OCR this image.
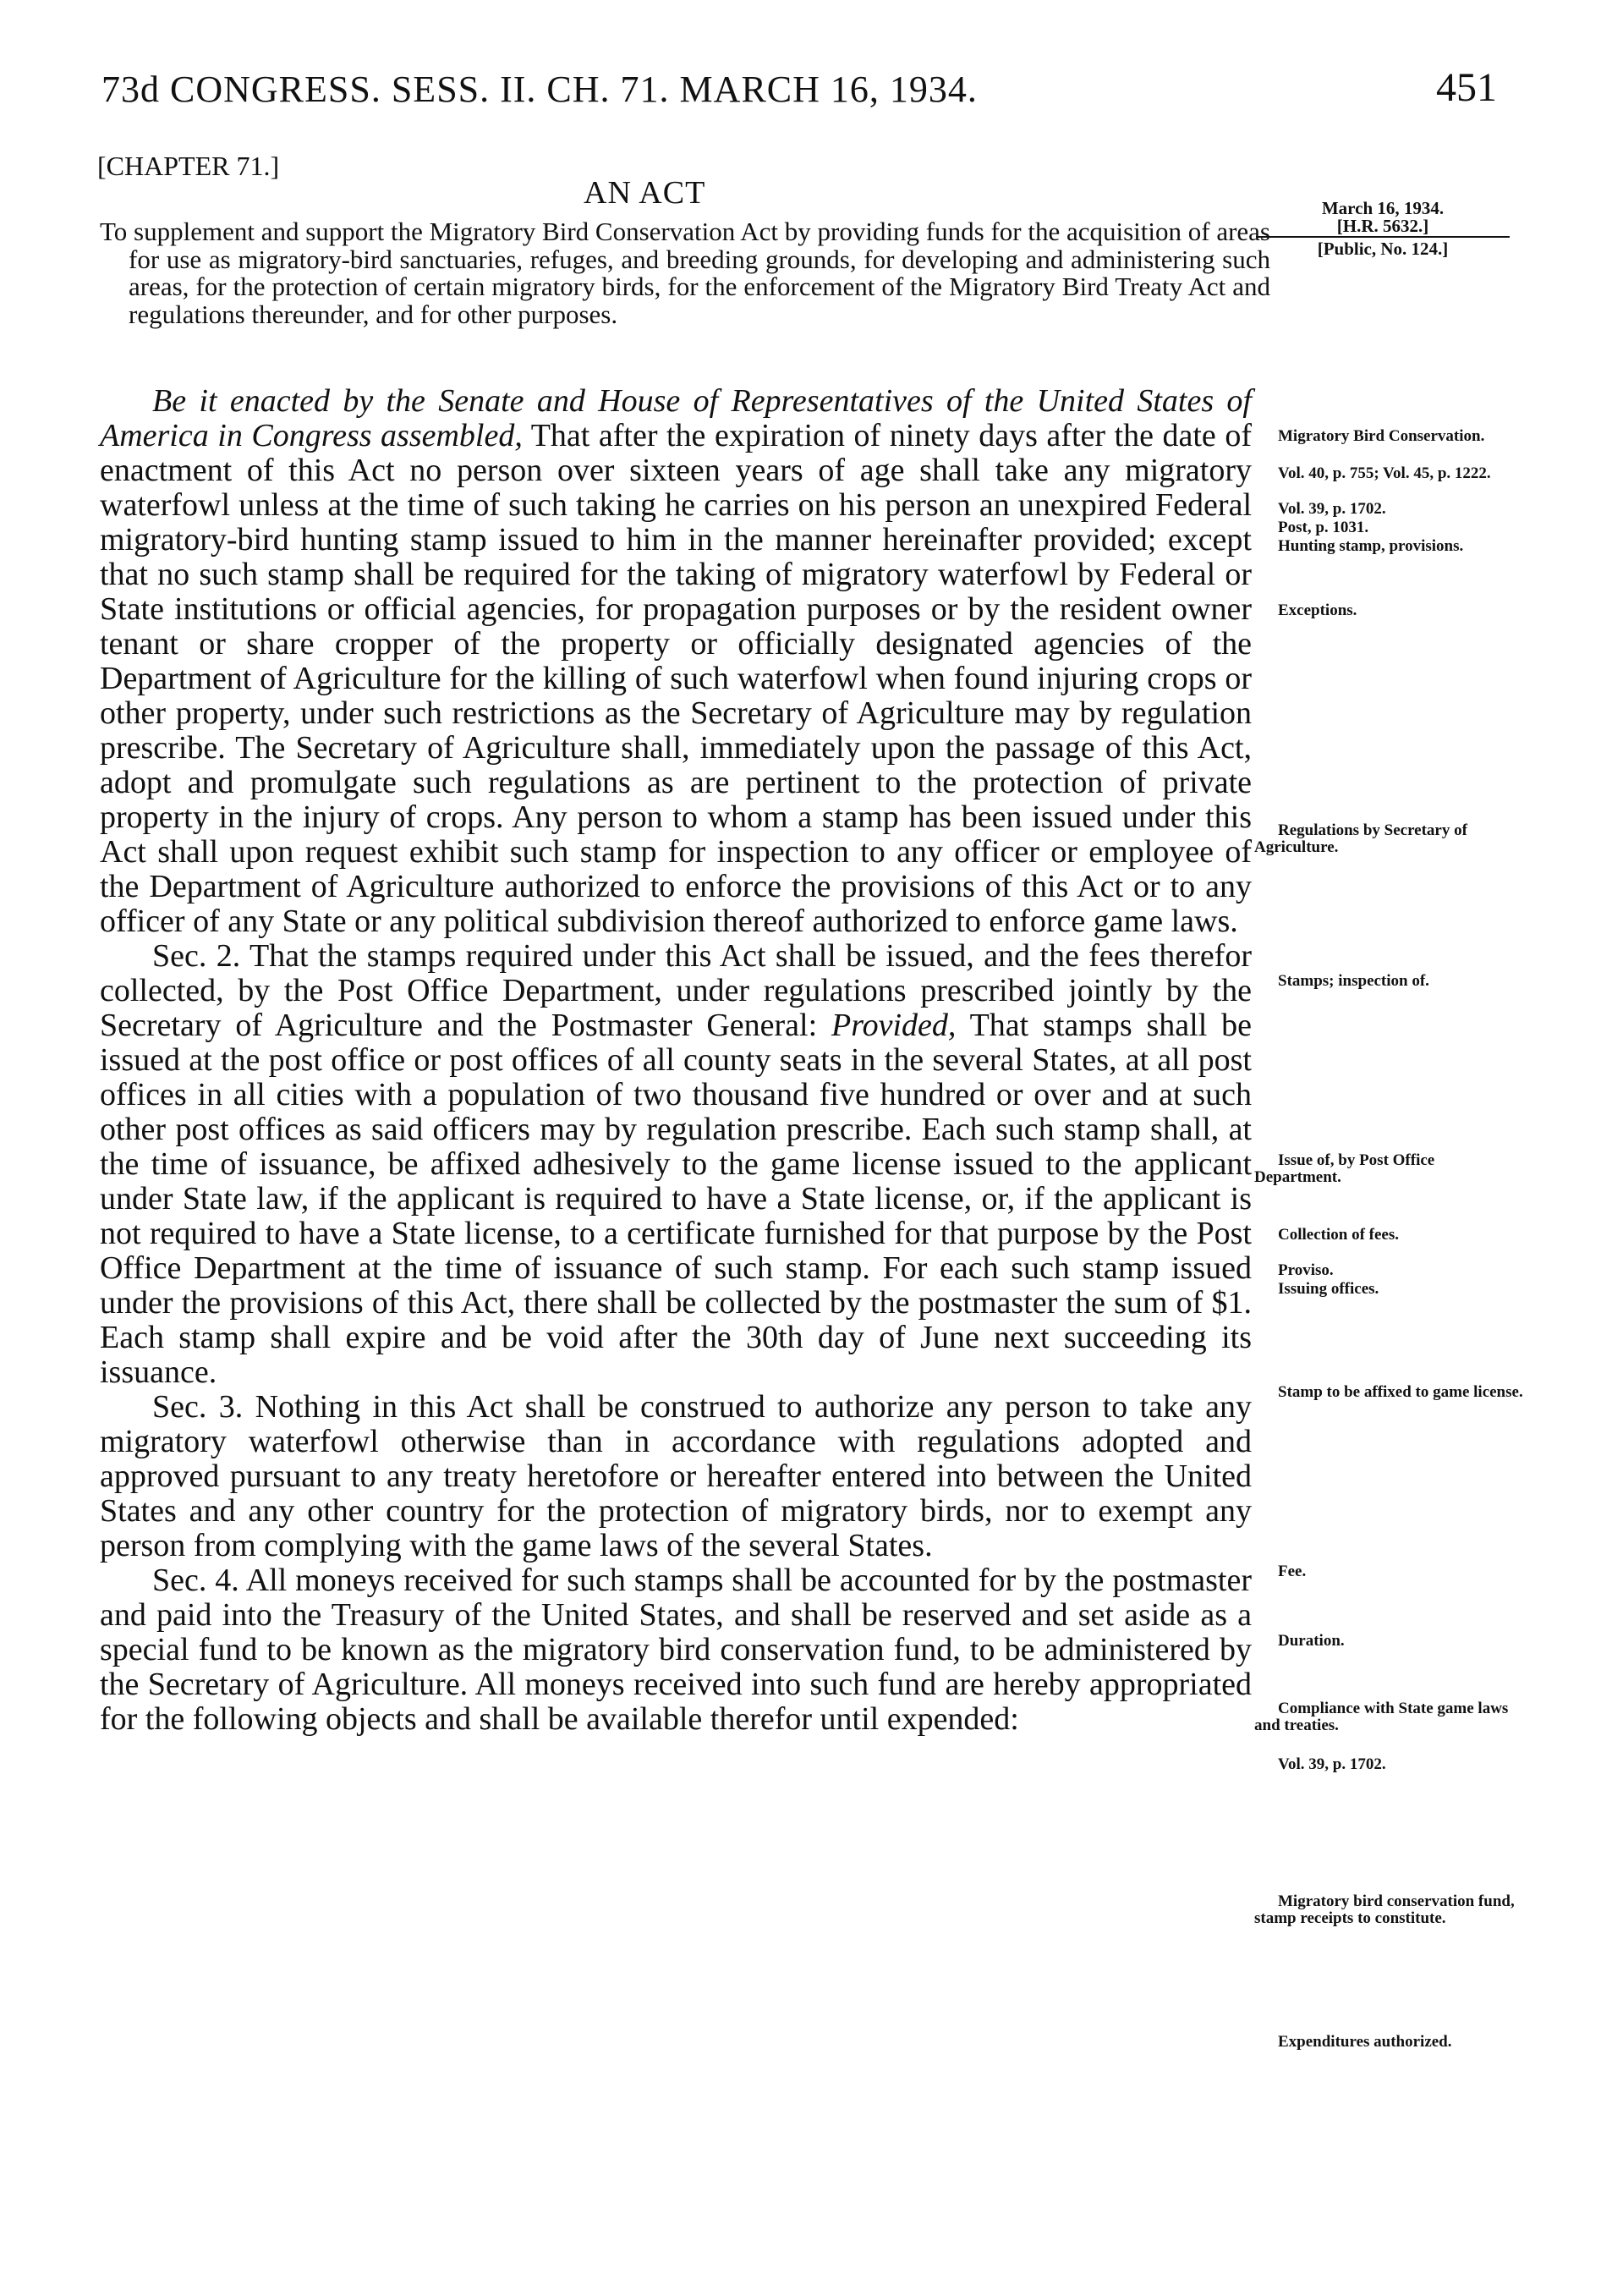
73d CONGRESS. SESS. II. CH. 71. MARCH 16, 1934.	451
[CHAPTER 71.]
AN ACT	March 16, 1934.
[H.R. 5632.]
[Public, No. 124.]
To supplement and support the Migratory Bird Conservation Act by providing funds for the acquisition of areas for use as migratory-bird sanctuaries, refuges, and breeding grounds, for developing and administering such areas, for the protection of certain migratory birds, for the enforcement of the Migratory Bird Treaty Act and regulations thereunder, and for other purposes.

Be it enacted by the Senate and House of Representatives of the United States of America in Congress assembled, That after the expiration of ninety days after the date of enactment of this Act no person over sixteen years of age shall take any migratory waterfowl unless at the time of such taking he carries on his person an unexpired Federal migratory-bird hunting stamp issued to him in the manner hereinafter provided; except that no such stamp shall be required for the taking of migratory waterfowl by Federal or State institutions or official agencies, for propagation purposes or by the resident owner tenant or share cropper of the property or officially designated agencies of the Department of Agriculture for the killing of such waterfowl when found injuring crops or other property, under such restrictions as the Secretary of Agriculture may by regulation prescribe. The Secretary of Agriculture shall, immediately upon the passage of this Act, adopt and promulgate such regulations as are pertinent to the protection of private property in the injury of crops. Any person to whom a stamp has been issued under this Act shall upon request exhibit such stamp for inspection to any officer or employee of the Department of Agriculture authorized to enforce the provisions of this Act or to any officer of any State or any political subdivision thereof authorized to enforce game laws.

Sec. 2. That the stamps required under this Act shall be issued, and the fees therefor collected, by the Post Office Department, under regulations prescribed jointly by the Secretary of Agriculture and the Postmaster General: Provided, That stamps shall be issued at the post office or post offices of all county seats in the several States, at all post offices in all cities with a population of two thousand five hundred or over and at such other post offices as said officers may by regulation prescribe. Each such stamp shall, at the time of issuance, be affixed adhesively to the game license issued to the applicant under State law, if the applicant is required to have a State license, or, if the applicant is not required to have a State license, to a certificate furnished for that purpose by the Post Office Department at the time of issuance of such stamp. For each such stamp issued under the provisions of this Act, there shall be collected by the postmaster the sum of $1. Each stamp shall expire and be void after the 30th day of June next succeeding its issuance.

Sec. 3. Nothing in this Act shall be construed to authorize any person to take any migratory waterfowl otherwise than in accordance with regulations adopted and approved pursuant to any treaty heretofore or hereafter entered into between the United States and any other country for the protection of migratory birds, nor to exempt any person from complying with the game laws of the several States.

Sec. 4. All moneys received for such stamps shall be accounted for by the postmaster and paid into the Treasury of the United States, and shall be reserved and set aside as a special fund to be known as the migratory bird conservation fund, to be administered by the Secretary of Agriculture. All moneys received into such fund are hereby appropriated for the following objects and shall be available therefor until expended:

Migratory Bird Conservation.
Vol. 40, p. 755; Vol. 45, p. 1222.
Vol. 39, p. 1702.
Post, p. 1031.
Hunting stamp, provisions.
Exceptions.
Regulations by Secretary of Agriculture.
Stamps; inspection of.
Issue of, by Post Office Department.
Collection of fees.
Proviso.
Issuing offices.
Stamp to be affixed to game license.
Fee.
Duration.
Compliance with State game laws and treaties.
Vol. 39, p. 1702.
Migratory bird conservation fund, stamp receipts to constitute.
Expenditures authorized.
